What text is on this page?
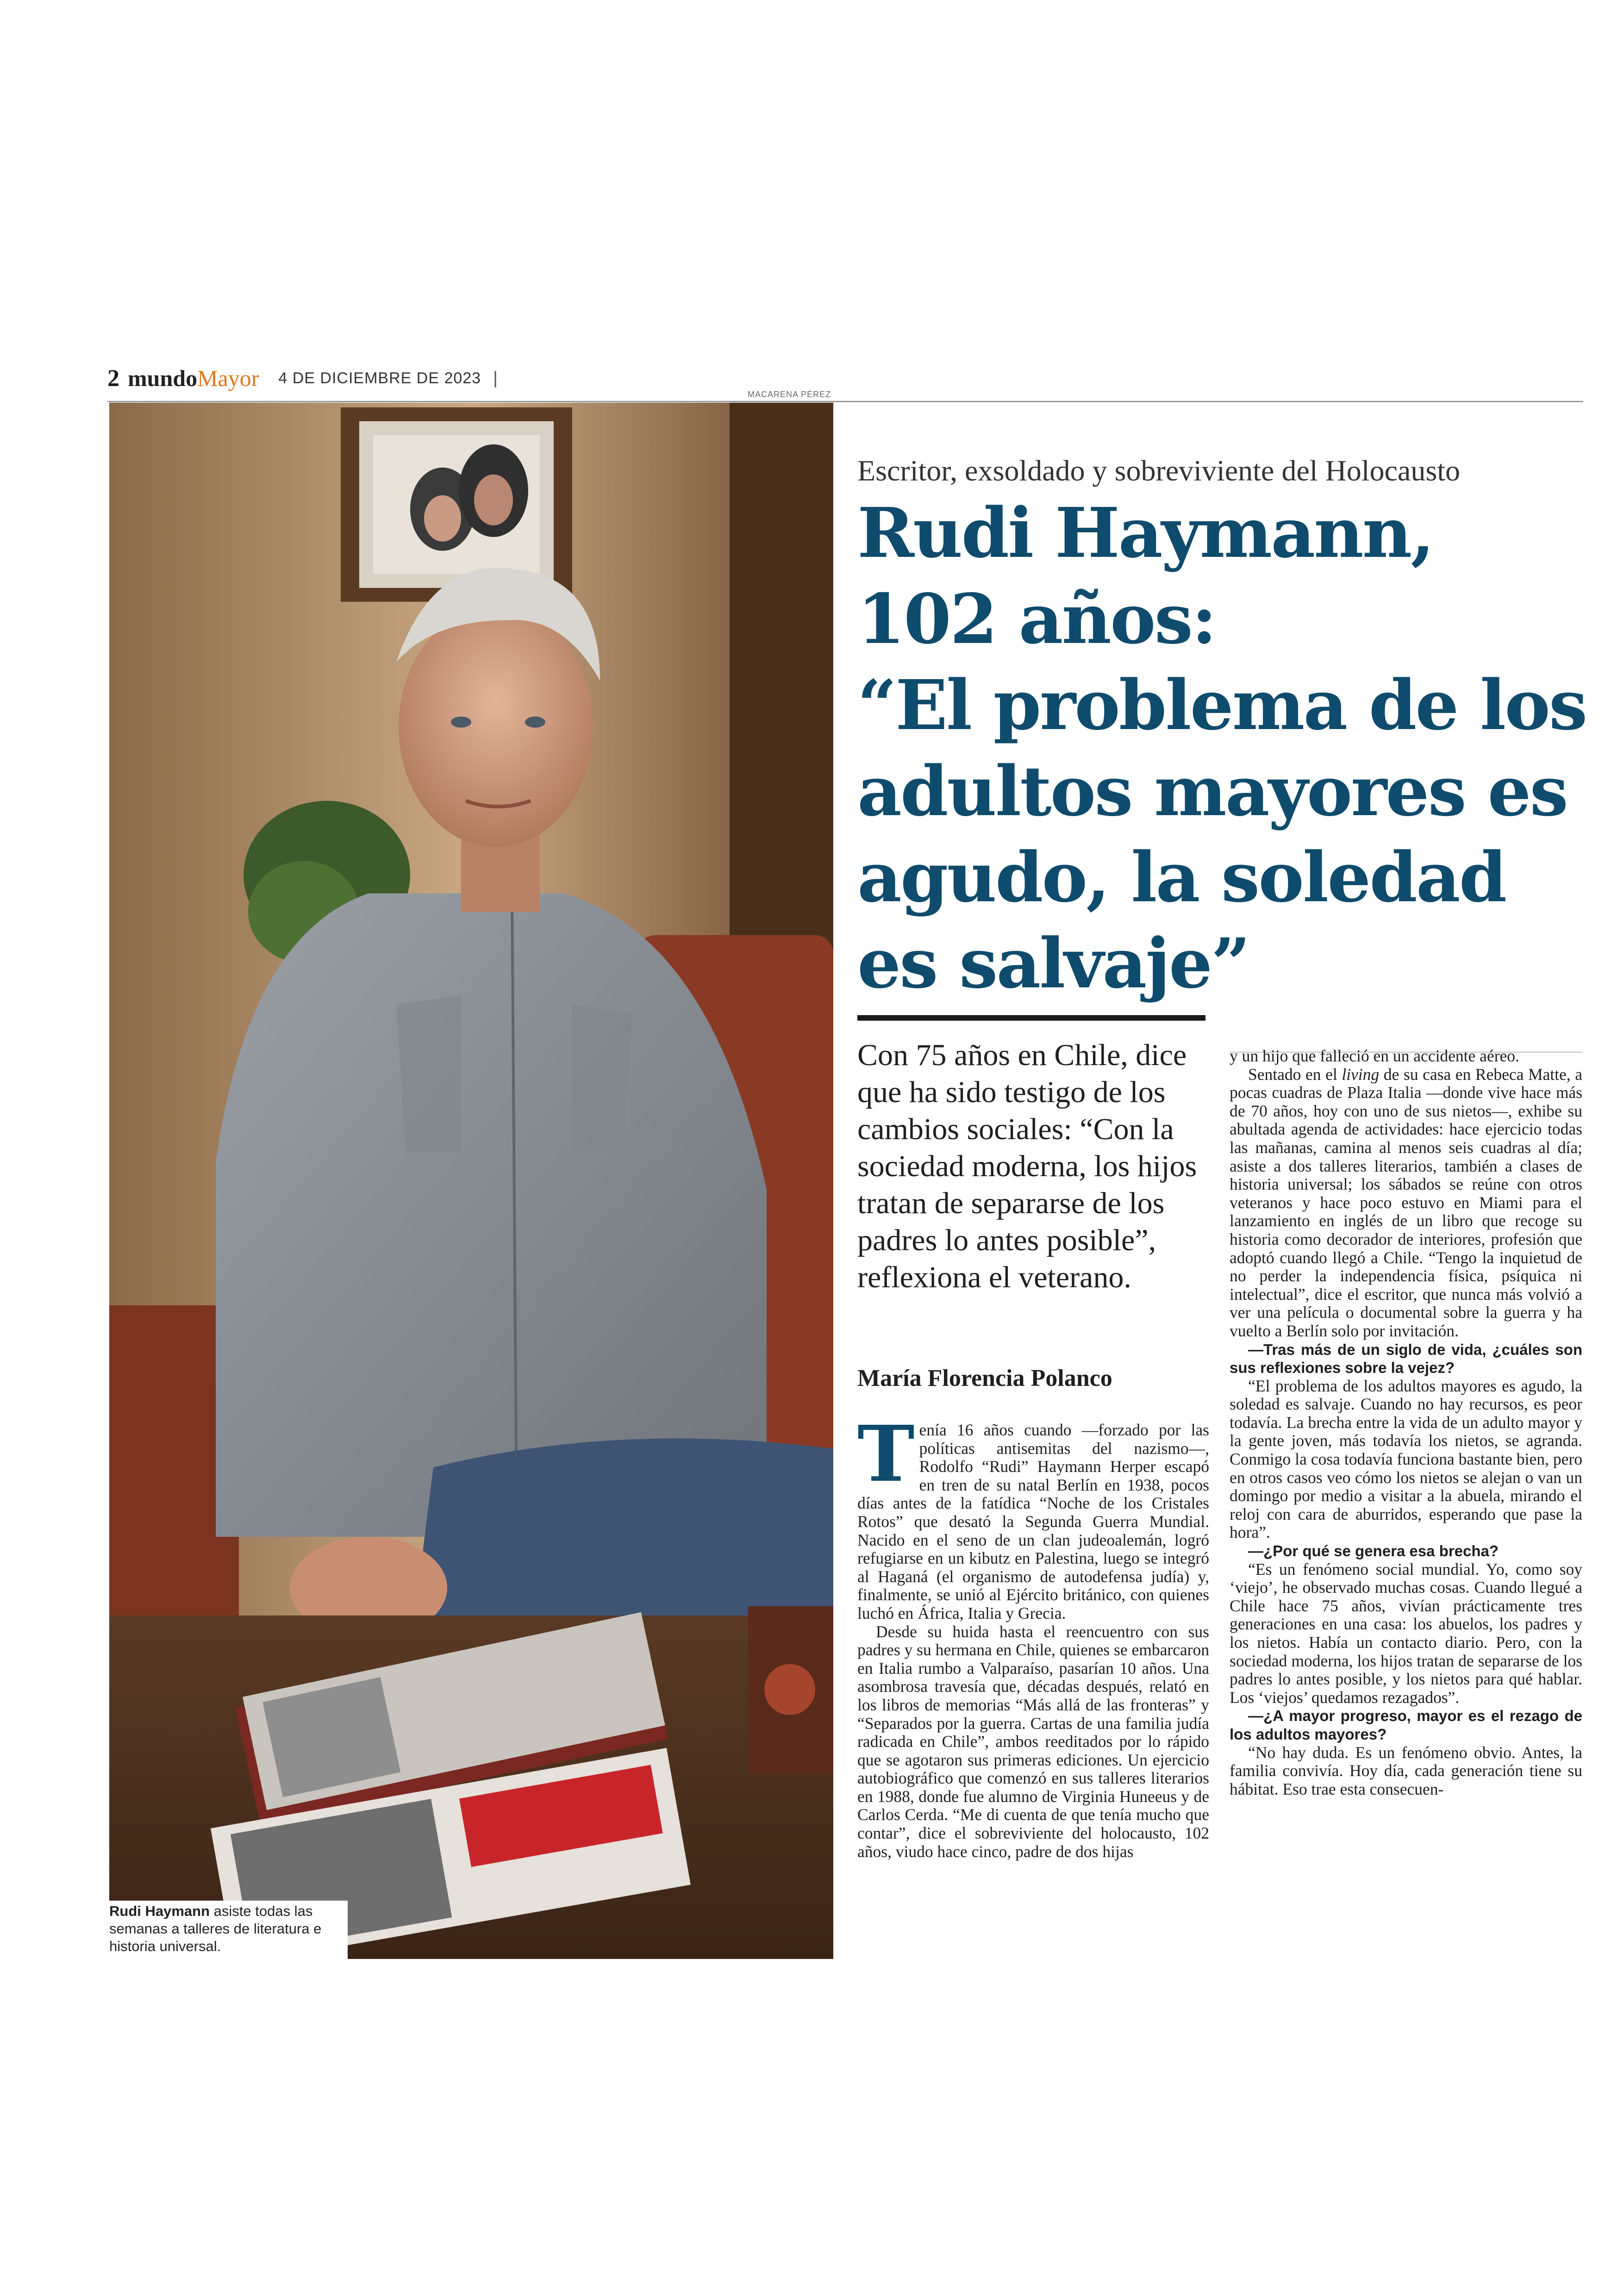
2 mundo Mayor 4 DE DICIEMBRE DE 2023 |
MACARENA PÉREZ
Rudi Haymann asiste todas las semanas a talleres de literatura e historia universal.
Escritor, exsoldado y sobreviviente del Holocausto
Rudi Haymann,
102 años:
“El problema de los
adultos mayores es
agudo, la soledad
es salvaje”
Con 75 años en Chile, dice que ha sido testigo de los cambios sociales: “Con la sociedad moderna, los hijos tratan de separarse de los padres lo antes posible”, reflexiona el veterano.
María Florencia Polanco

Tenía 16 años cuando —forzado por las políticas antisemitas del nazismo—, Rodolfo “Rudi” Haymann Herper escapó en tren de su natal Berlín en 1938, pocos días antes de la fatídica “Noche de los Cristales Rotos” que desató la Segunda Guerra Mundial. Nacido en el seno de un clan judeoalemán, logró refugiarse en un kibutz en Palestina, luego se integró al Haganá (el organismo de autodefensa judía) y, finalmente, se unió al Ejército británico, con quienes luchó en África, Italia y Grecia.

Desde su huida hasta el reencuentro con sus padres y su hermana en Chile, quienes se embarcaron en Italia rumbo a Valparaíso, pasarían 10 años. Una asombrosa travesía que, décadas después, relató en los libros de memorias “Más allá de las fronteras” y “Separados por la guerra. Cartas de una familia judía radicada en Chile”, ambos reeditados por lo rápido que se agotaron sus primeras ediciones. Un ejercicio autobiográfico que comenzó en sus talleres literarios en 1988, donde fue alumno de Virginia Huneeus y de Carlos Cerda. “Me di cuenta de que tenía mucho que contar”, dice el sobreviviente del holocausto, 102 años, viudo hace cinco, padre de dos hijas

y un hijo que falleció en un accidente aéreo.

Sentado en el living de su casa en Rebeca Matte, a pocas cuadras de Plaza Italia —donde vive hace más de 70 años, hoy con uno de sus nietos—, exhibe su abultada agenda de actividades: hace ejercicio todas las mañanas, camina al menos seis cuadras al día; asiste a dos talleres literarios, también a clases de historia universal; los sábados se reúne con otros veteranos y hace poco estuvo en Miami para el lanzamiento en inglés de un libro que recoge su historia como decorador de interiores, profesión que adoptó cuando llegó a Chile. “Tengo la inquietud de no perder la independencia física, psíquica ni intelectual”, dice el escritor, que nunca más volvió a ver una película o documental sobre la guerra y ha vuelto a Berlín solo por invitación.

—Tras más de un siglo de vida, ¿cuáles son sus reflexiones sobre la vejez?

“El problema de los adultos mayores es agudo, la soledad es salvaje. Cuando no hay recursos, es peor todavía. La brecha entre la vida de un adulto mayor y la gente joven, más todavía los nietos, se agranda. Conmigo la cosa todavía funciona bastante bien, pero en otros casos veo cómo los nietos se alejan o van un domingo por medio a visitar a la abuela, mirando el reloj con cara de aburridos, esperando que pase la hora”.

—¿Por qué se genera esa brecha?

“Es un fenómeno social mundial. Yo, como soy ‘viejo’, he observado muchas cosas. Cuando llegué a Chile hace 75 años, vivían prácticamente tres generaciones en una casa: los abuelos, los padres y los nietos. Había un contacto diario. Pero, con la sociedad moderna, los hijos tratan de separarse de los padres lo antes posible, y los nietos para qué hablar. Los ‘viejos’ quedamos rezagados”.

—¿A mayor progreso, mayor es el rezago de los adultos mayores?

“No hay duda. Es un fenómeno obvio. Antes, la familia convivía. Hoy día, cada generación tiene su hábitat. Eso trae esta consecuen-
